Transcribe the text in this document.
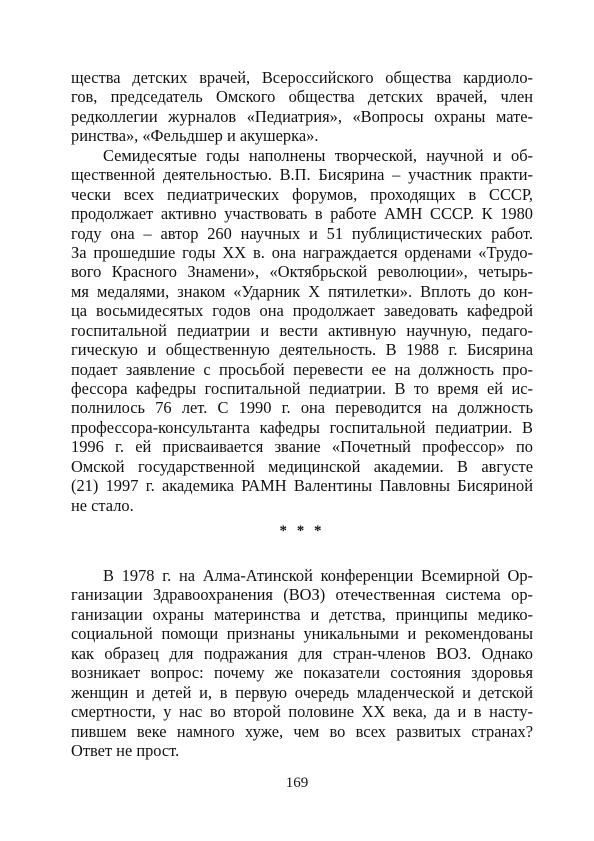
щества детских врачей, Всероссийского общества кардиоло-
гов, председатель Омского общества детских врачей, член
редколлегии журналов «Педиатрия», «Вопросы охраны мате-
ринства», «Фельдшер и акушерка».
Семидесятые годы наполнены творческой, научной и об-
щественной деятельностью. В.П. Бисярина – участник практи-
чески всех педиатрических форумов, проходящих в СССР,
продолжает активно участвовать в работе АМН СССР. К 1980
году она – автор 260 научных и 51 публицистических работ.
За прошедшие годы XX в. она награждается орденами «Трудо-
вого Красного Знамени», «Октябрьской революции», четырь-
мя медалями, знаком «Ударник X пятилетки». Вплоть до кон-
ца восьмидесятых годов она продолжает заведовать кафедрой
госпитальной педиатрии и вести активную научную, педаго-
гическую и общественную деятельность. В 1988 г. Бисярина
подает заявление с просьбой перевести ее на должность про-
фессора кафедры госпитальной педиатрии. В то время ей ис-
полнилось 76 лет. С 1990 г. она переводится на должность
профессора-консультанта кафедры госпитальной педиатрии. В
1996 г. ей присваивается звание «Почетный профессор» по
Омской государственной медицинской академии. В августе
(21) 1997 г. академика РАМН Валентины Павловны Бисяриной
не стало.
* * *
В 1978 г. на Алма-Атинской конференции Всемирной Ор-
ганизации Здравоохранения (ВОЗ) отечественная система ор-
ганизации охраны материнства и детства, принципы медико-
социальной помощи признаны уникальными и рекомендованы
как образец для подражания для стран-членов ВОЗ. Однако
возникает вопрос: почему же показатели состояния здоровья
женщин и детей и, в первую очередь младенческой и детской
смертности, у нас во второй половине XX века, да и в насту-
пившем веке намного хуже, чем во всех развитых странах?
Ответ не прост.
169
